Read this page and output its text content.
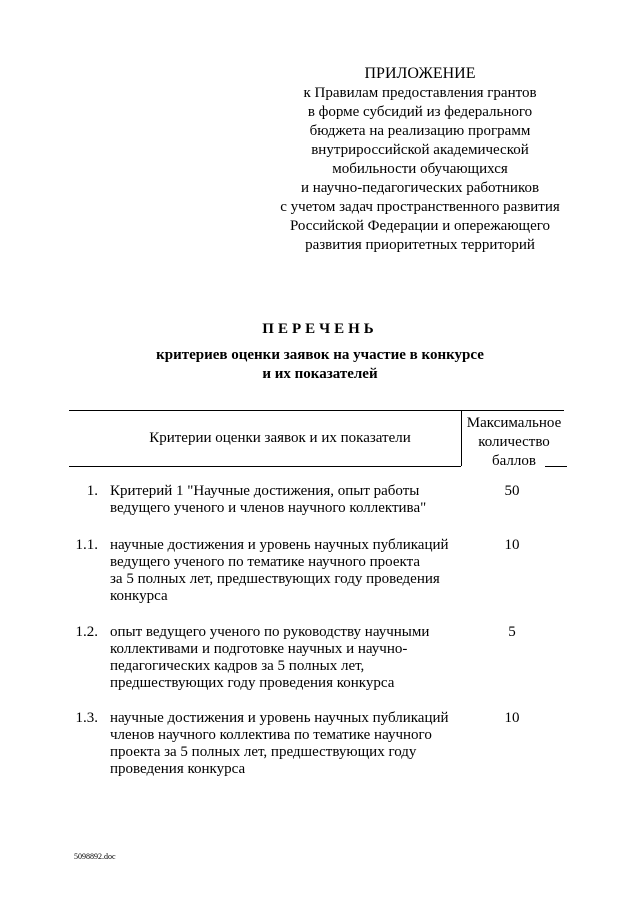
ПРИЛОЖЕНИЕ
к Правилам предоставления грантов
в форме субсидий из федерального
бюджета на реализацию программ
внутрироссийской академической
мобильности обучающихся
и научно-педагогических работников
с учетом задач пространственного развития
Российской Федерации и опережающего
развития приоритетных территорий
ПЕРЕЧЕНЬ
критериев оценки заявок на участие в конкурсе
и их показателей
Критерии оценки заявок и их показатели
Максимальное
количество
баллов
1. Критерий 1 "Научные достижения, опыт работы
ведущего ученого и членов научного коллектива"
50
1.1. научные достижения и уровень научных публикаций
ведущего ученого по тематике научного проекта
за 5 полных лет, предшествующих году проведения
конкурса
10
1.2. опыт ведущего ученого по руководству научными
коллективами и подготовке научных и научно-
педагогических кадров за 5 полных лет,
предшествующих году проведения конкурса
5
1.3. научные достижения и уровень научных публикаций
членов научного коллектива по тематике научного
проекта за 5 полных лет, предшествующих году
проведения конкурса
10
5098892.doc
